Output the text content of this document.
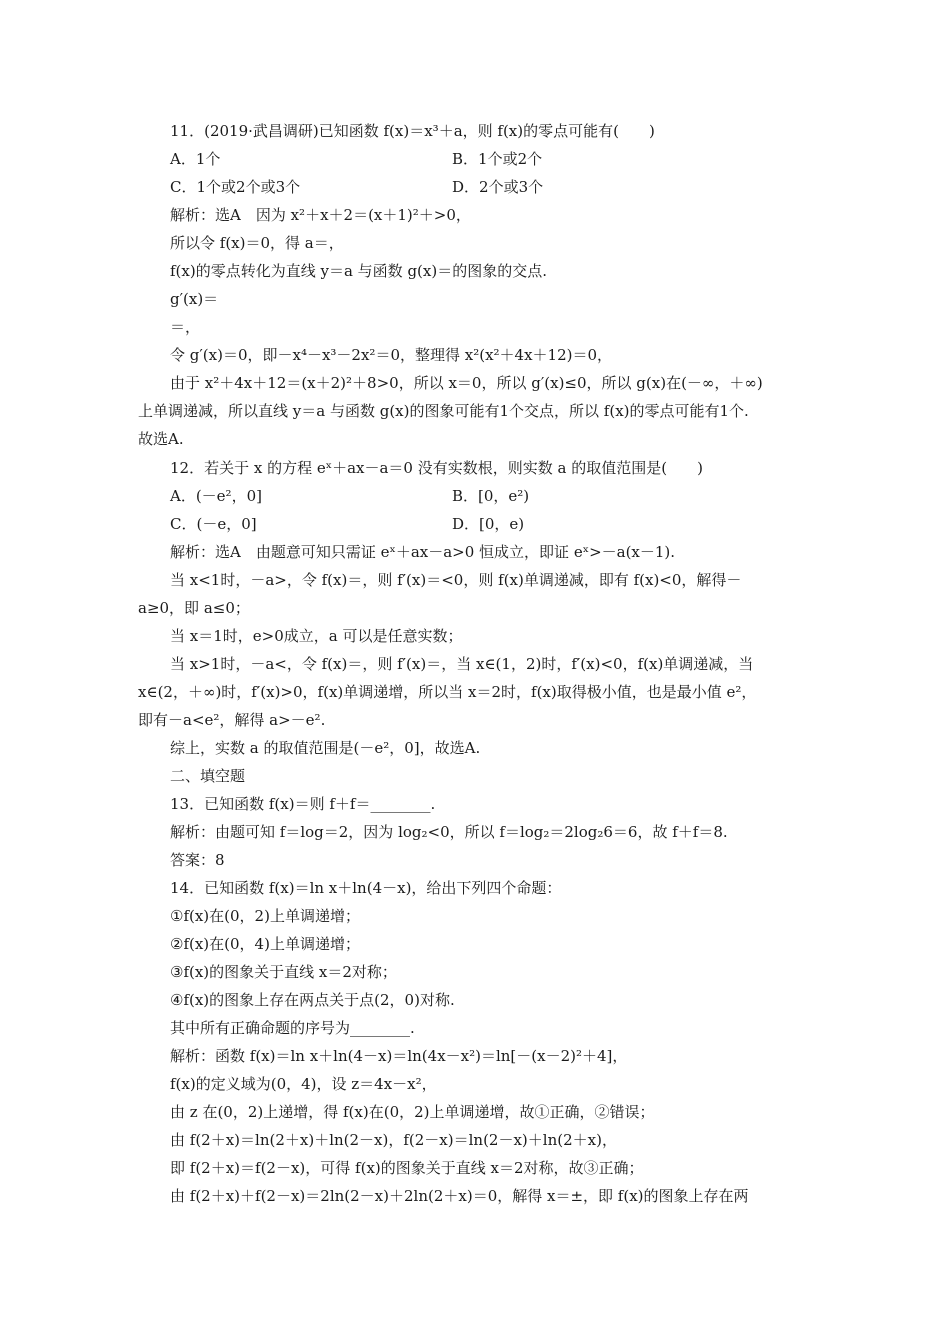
11．(2019·武昌调研)已知函数 f(x)＝x³＋a，则 f(x)的零点可能有(　　)
A．1个	B．1个或2个
C．1个或2个或3个	D．2个或3个
解析：选A　因为 x²＋x＋2＝(x＋1)²＋>0，
所以令 f(x)＝0，得 a＝，
f(x)的零点转化为直线 y＝a 与函数 g(x)＝的图象的交点.
g′(x)＝
＝，
令 g′(x)＝0，即－x⁴－x³－2x²＝0，整理得 x²(x²＋4x＋12)＝0，
由于 x²＋4x＋12＝(x＋2)²＋8>0，所以 x＝0，所以 g′(x)≤0，所以 g(x)在(－∞，＋∞)
上单调递减，所以直线 y＝a 与函数 g(x)的图象可能有1个交点，所以 f(x)的零点可能有1个.
故选A.
12．若关于 x 的方程 eˣ＋ax－a＝0 没有实数根，则实数 a 的取值范围是(　　)
A．(－e²，0]	B．[0，e²)
C．(－e，0]	D．[0，e)
解析：选A　由题意可知只需证 eˣ＋ax－a>0 恒成立，即证 eˣ>－a(x－1).
当 x<1时，－a>，令 f(x)＝，则 f′(x)＝<0，则 f(x)单调递减，即有 f(x)<0，解得－
a≥0，即 a≤0；
当 x＝1时，e>0成立，a 可以是任意实数；
当 x>1时，－a<，令 f(x)＝，则 f′(x)＝，当 x∈(1，2)时，f′(x)<0，f(x)单调递减，当
x∈(2，＋∞)时，f′(x)>0，f(x)单调递增，所以当 x＝2时，f(x)取得极小值，也是最小值 e²，
即有－a<e²，解得 a>－e².
综上，实数 a 的取值范围是(－e²，0]，故选A.
二、填空题
13．已知函数 f(x)＝则 f＋f＝________.
解析：由题可知 f＝log＝2，因为 log₂<0，所以 f＝log₂＝2log₂6＝6，故 f＋f＝8.
答案：8
14．已知函数 f(x)＝ln x＋ln(4－x)，给出下列四个命题：
①f(x)在(0，2)上单调递增；
②f(x)在(0，4)上单调递增；
③f(x)的图象关于直线 x＝2对称；
④f(x)的图象上存在两点关于点(2，0)对称.
其中所有正确命题的序号为________.
解析：函数 f(x)＝ln x＋ln(4－x)＝ln(4x－x²)＝ln[－(x－2)²＋4]，
f(x)的定义域为(0，4)，设 z＝4x－x²，
由 z 在(0，2)上递增，得 f(x)在(0，2)上单调递增，故①正确，②错误；
由 f(2＋x)＝ln(2＋x)＋ln(2－x)，f(2－x)＝ln(2－x)＋ln(2＋x)，
即 f(2＋x)＝f(2－x)，可得 f(x)的图象关于直线 x＝2对称，故③正确；
由 f(2＋x)＋f(2－x)＝2ln(2－x)＋2ln(2＋x)＝0，解得 x＝±，即 f(x)的图象上存在两
